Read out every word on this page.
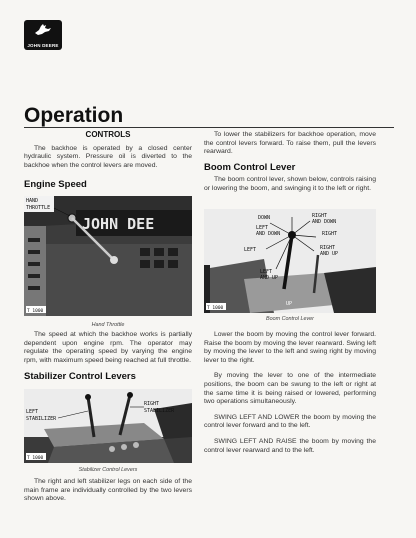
JOHN DEERE
Operation
CONTROLS

The backhoe is operated by a closed center hydraulic system. Pressure oil is diverted to the backhoe when the control levers are moved.

Engine Speed
JOHN DEE
HAND
THROTTLE
T 1000
Hand Throttle

The speed at which the backhoe works is partially dependent upon engine rpm. The operator may regulate the operating speed by varying the engine rpm, with maximum speed being reached at full throttle.

Stabilizer Control Levers
LEFT
STABILIZER
RIGHT
STABILIZER
T 1000
Stabilizer Control Levers

The right and left stabilizer legs on each side of the main frame are individually controlled by the two levers shown above.

To lower the stabilizers for backhoe operation, move the control levers forward. To raise them, pull the levers rearward.

Boom Control Lever

The boom control lever, shown below, controls raising or lowering the boom, and swinging it to the left or right.

DOWN
LEFT
AND DOWN
RIGHT
AND DOWN
RIGHT
LEFT	RIGHT
AND UP
LEFT
AND UP
UP
T 1000
Boom Control Lever

Lower the boom by moving the control lever forward. Raise the boom by moving the lever rearward. Swing left by moving the lever to the left and swing right by moving lever to the right.

By moving the lever to one of the intermediate positions, the boom can be swung to the left or right at the same time it is being raised or lowered, performing two operations simultaneously.

SWING LEFT AND LOWER the boom by moving the control lever forward and to the left.

SWING LEFT AND RAISE the boom by moving the control lever rearward and to the left.
